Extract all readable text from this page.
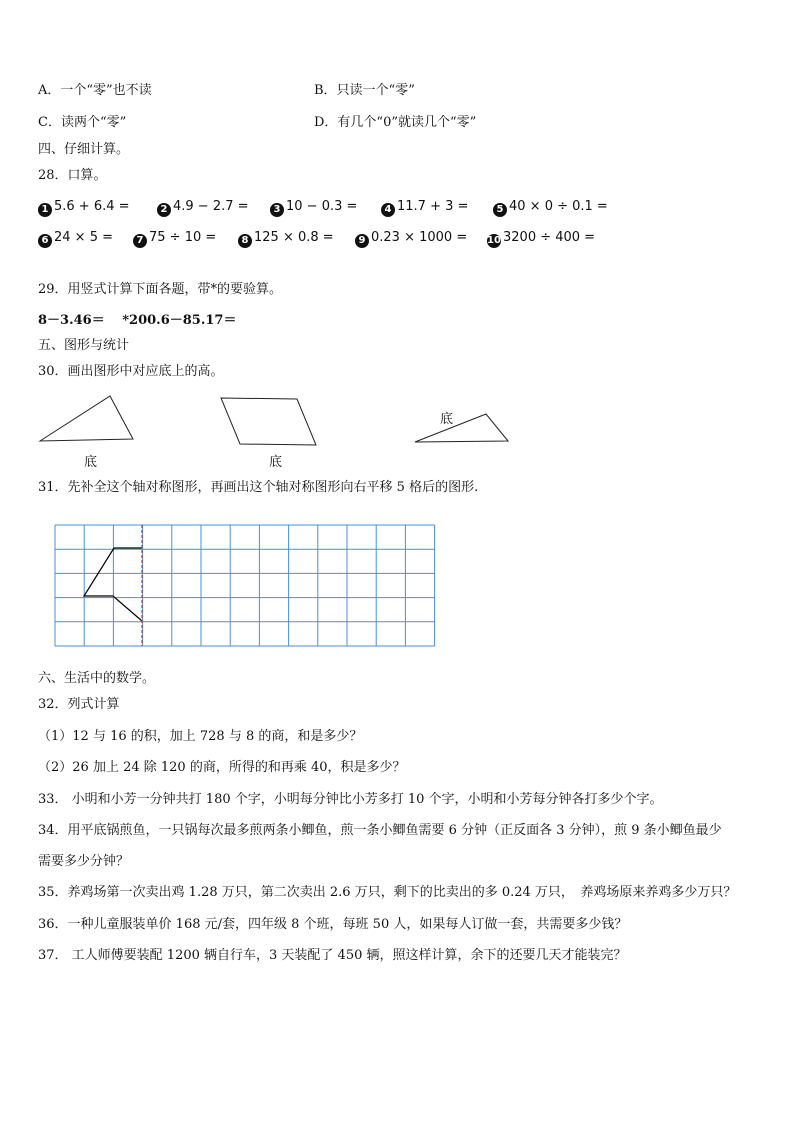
A．一个“零”也不读	B．只读一个“零”
C．读两个“零”	D．有几个“0”就读几个“零”
四、仔细计算。
28．口算。
1 5.6 + 6.4 =	2 4.9 − 2.7 =	3 10 − 0.3 =	4 11.7 + 3 =	5 40 × 0 ÷ 0.1 =
6 24 × 5 =	7 75 ÷ 10 =	8 125 × 0.8 =	9 0.23 × 1000 = 10 3200 ÷ 400 =
29．用竖式计算下面各题，带*的要验算。
8－3.46＝　 *200.6－85.17＝
五、图形与统计
30．画出图形中对应底上的高。
底	底
底
31．先补全这个轴对称图形，再画出这个轴对称图形向右平移 5 格后的图形.
六、生活中的数学。
32．列式计算
（1）12 与 16 的积，加上 728 与 8 的商，和是多少？
（2）26 加上 24 除 120 的商，所得的和再乘 40，积是多少？
33． 小明和小芳一分钟共打 180 个字，小明每分钟比小芳多打 10 个字，小明和小芳每分钟各打多少个字。
34．用平底锅煎鱼，一只锅每次最多煎两条小鲫鱼，煎一条小鲫鱼需要 6 分钟（正反面各 3 分钟），煎 9 条小鲫鱼最少
需要多少分钟？
35．养鸡场第一次卖出鸡 1.28 万只，第二次卖出 2.6 万只，剩下的比卖出的多 0.24 万只，　养鸡场原来养鸡多少万只？
36．一种儿童服装单价 168 元/套，四年级 8 个班，每班 50 人，如果每人订做一套，共需要多少钱？
37． 工人师傅要装配 1200 辆自行车，3 天装配了 450 辆，照这样计算，余下的还要几天才能装完？
